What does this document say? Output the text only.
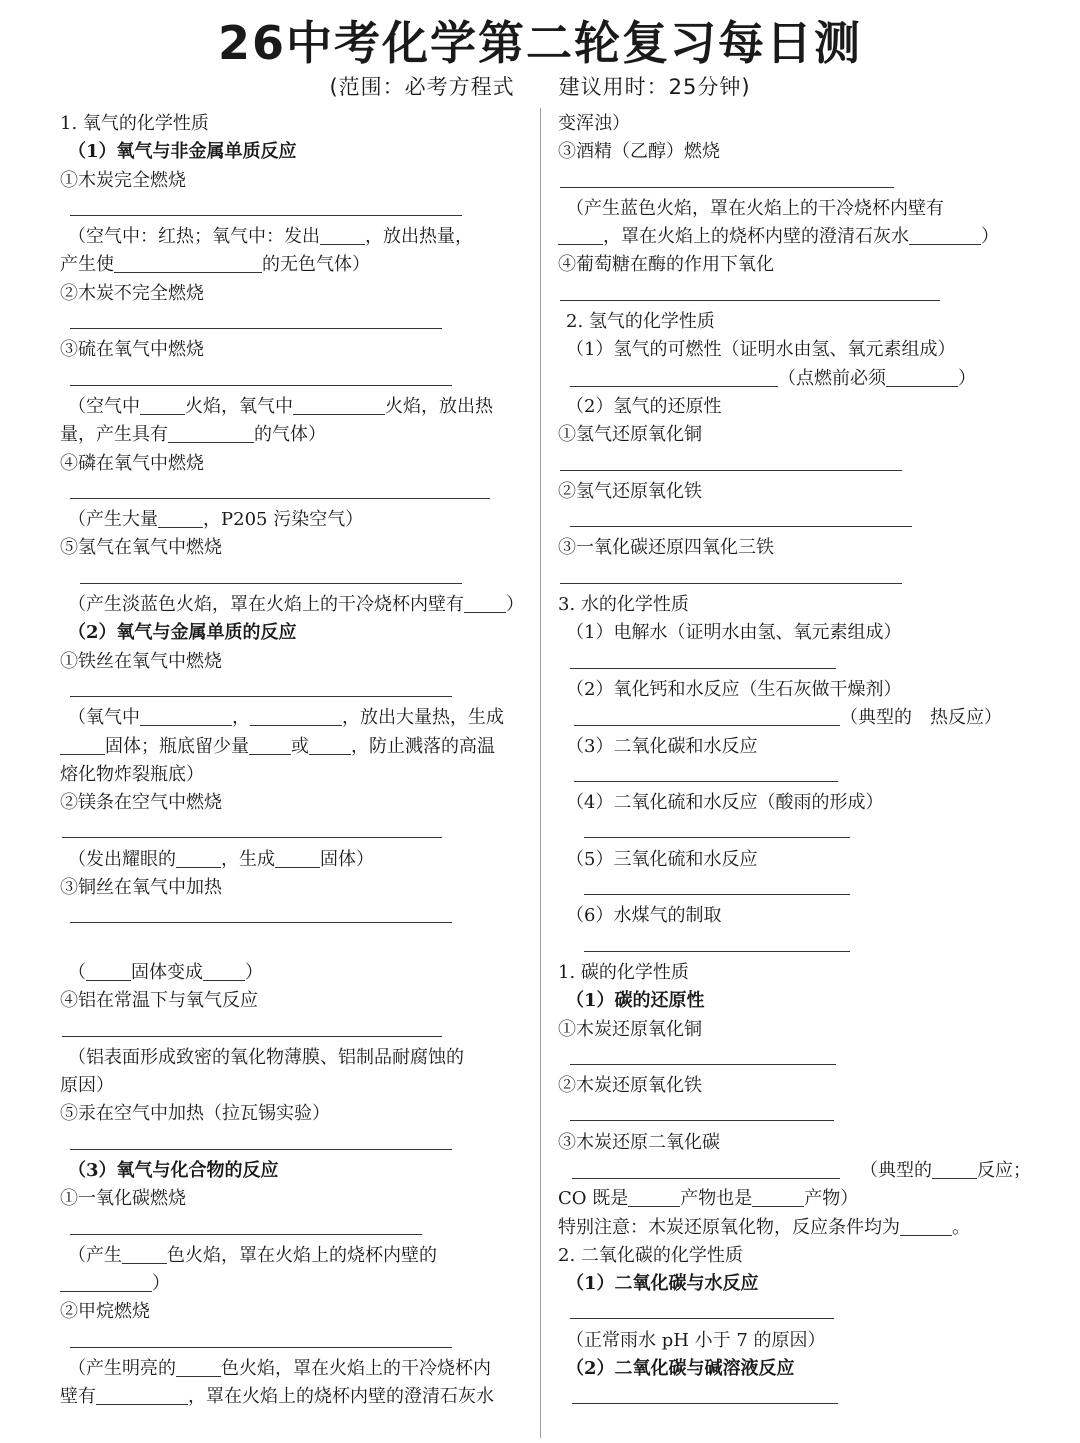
26中考化学第二轮复习每日测
(范围：必考方程式　　建议用时：25分钟)
1. 氧气的化学性质
（1）氧气与非金属单质反应
①木炭完全燃烧
（空气中：红热；氧气中：发出	，放出热量，
产生使	的无色气体）
②木炭不完全燃烧
③硫在氧气中燃烧
（空气中	火焰，氧气中	火焰，放出热
量，产生具有	的气体）
④磷在氧气中燃烧
（产生大量	，P205 污染空气）
⑤氢气在氧气中燃烧
（产生淡蓝色火焰，罩在火焰上的干冷烧杯内壁有 ）
（2）氧气与金属单质的反应
①铁丝在氧气中燃烧
（氧气中	，	，放出大量热，生成
固体；瓶底留少量 或 ，防止溅落的高温
熔化物炸裂瓶底）
②镁条在空气中燃烧
（发出耀眼的	，生成	固体）
③铜丝在氧气中加热
（	固体变成 ）
④铝在常温下与氧气反应
（铝表面形成致密的氧化物薄膜、铝制品耐腐蚀的
原因）
⑤汞在空气中加热（拉瓦锡实验）
（3）氧气与化合物的反应
①一氧化碳燃烧
（产生	色火焰，罩在火焰上的烧杯内壁的
）
②甲烷燃烧
（产生明亮的	色火焰，罩在火焰上的干冷烧杯内
壁有	，罩在火焰上的烧杯内壁的澄清石灰水
变浑浊）
③酒精（乙醇）燃烧
（产生蓝色火焰，罩在火焰上的干冷烧杯内壁有
，罩在火焰上的烧杯内壁的澄清石灰水	）
④葡萄糖在酶的作用下氧化
2. 氢气的化学性质
（1）氢气的可燃性（证明水由氢、氧元素组成）
（点燃前必须	）
（2）氢气的还原性
①氢气还原氧化铜
②氢气还原氧化铁
③一氧化碳还原四氧化三铁
3. 水的化学性质
（1）电解水（证明水由氢、氧元素组成）
（2）氧化钙和水反应（生石灰做干燥剂）
（典型的　热反应）
（3）二氧化碳和水反应
（4）二氧化硫和水反应（酸雨的形成）
（5）三氧化硫和水反应
（6）水煤气的制取
1. 碳的化学性质
（1）碳的还原性
①木炭还原氧化铜
②木炭还原氧化铁
③木炭还原二氧化碳
（典型的	反应；
CO 既是	产物也是	产物）
特别注意：木炭还原氧化物，反应条件均为	。
2. 二氧化碳的化学性质
（1）二氧化碳与水反应
（正常雨水 pH 小于 7 的原因）
（2）二氧化碳与碱溶液反应
